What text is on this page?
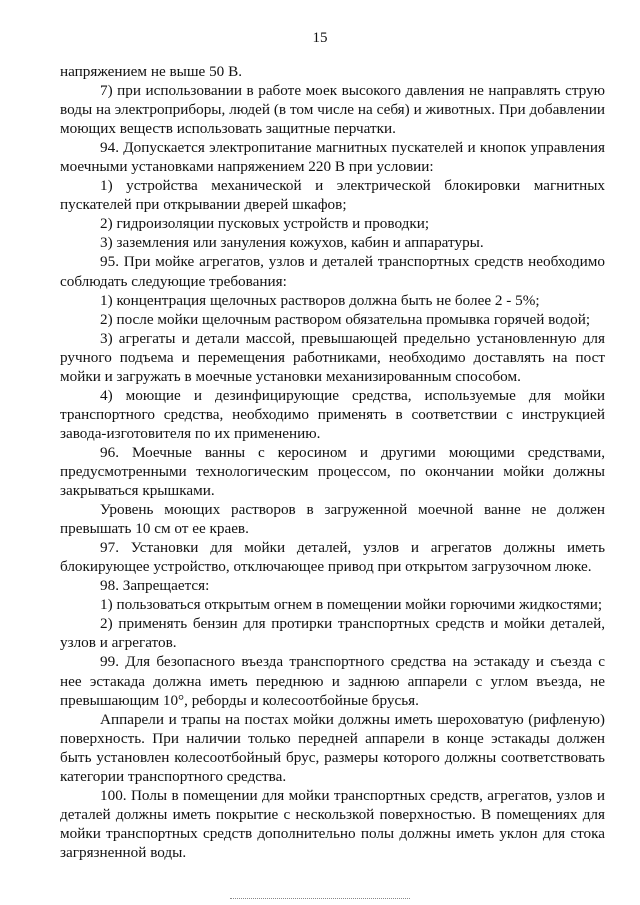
15

напряжением не выше 50 В.

7) при использовании в работе моек высокого давления не направлять струю воды на электроприборы, людей (в том числе на себя) и животных. При добавлении моющих веществ использовать защитные перчатки.

94. Допускается электропитание магнитных пускателей и кнопок управления моечными установками напряжением 220 В при условии:

1) устройства механической и электрической блокировки магнитных пускателей при открывании дверей шкафов;

2) гидроизоляции пусковых устройств и проводки;

3) заземления или зануления кожухов, кабин и аппаратуры.

95. При мойке агрегатов, узлов и деталей транспортных средств необходимо соблюдать следующие требования:

1) концентрация щелочных растворов должна быть не более 2 - 5%;

2) после мойки щелочным раствором обязательна промывка горячей водой;

3) агрегаты и детали массой, превышающей предельно установленную для ручного подъема и перемещения работниками, необходимо доставлять на пост мойки и загружать в моечные установки механизированным способом.

4) моющие и дезинфицирующие средства, используемые для мойки транспортного средства, необходимо применять в соответствии с инструкцией завода-изготовителя по их применению.

96. Моечные ванны с керосином и другими моющими средствами, предусмотренными технологическим процессом, по окончании мойки должны закрываться крышками.

Уровень моющих растворов в загруженной моечной ванне не должен превышать 10 см от ее краев.

97. Установки для мойки деталей, узлов и агрегатов должны иметь блокирующее устройство, отключающее привод при открытом загрузочном люке.

98. Запрещается:

1) пользоваться открытым огнем в помещении мойки горючими жидкостями;

2) применять бензин для протирки транспортных средств и мойки деталей, узлов и агрегатов.

99. Для безопасного въезда транспортного средства на эстакаду и съезда с нее эстакада должна иметь переднюю и заднюю аппарели с углом въезда, не превышающим 10°, реборды и колесоотбойные брусья.

Аппарели и трапы на постах мойки должны иметь шероховатую (рифленую) поверхность. При наличии только передней аппарели в конце эстакады должен быть установлен колесоотбойный брус, размеры которого должны соответствовать категории транспортного средства.

100. Полы в помещении для мойки транспортных средств, агрегатов, узлов и деталей должны иметь покрытие с нескользкой поверхностью. В помещениях для мойки транспортных средств дополнительно полы должны иметь уклон для стока загрязненной воды.
